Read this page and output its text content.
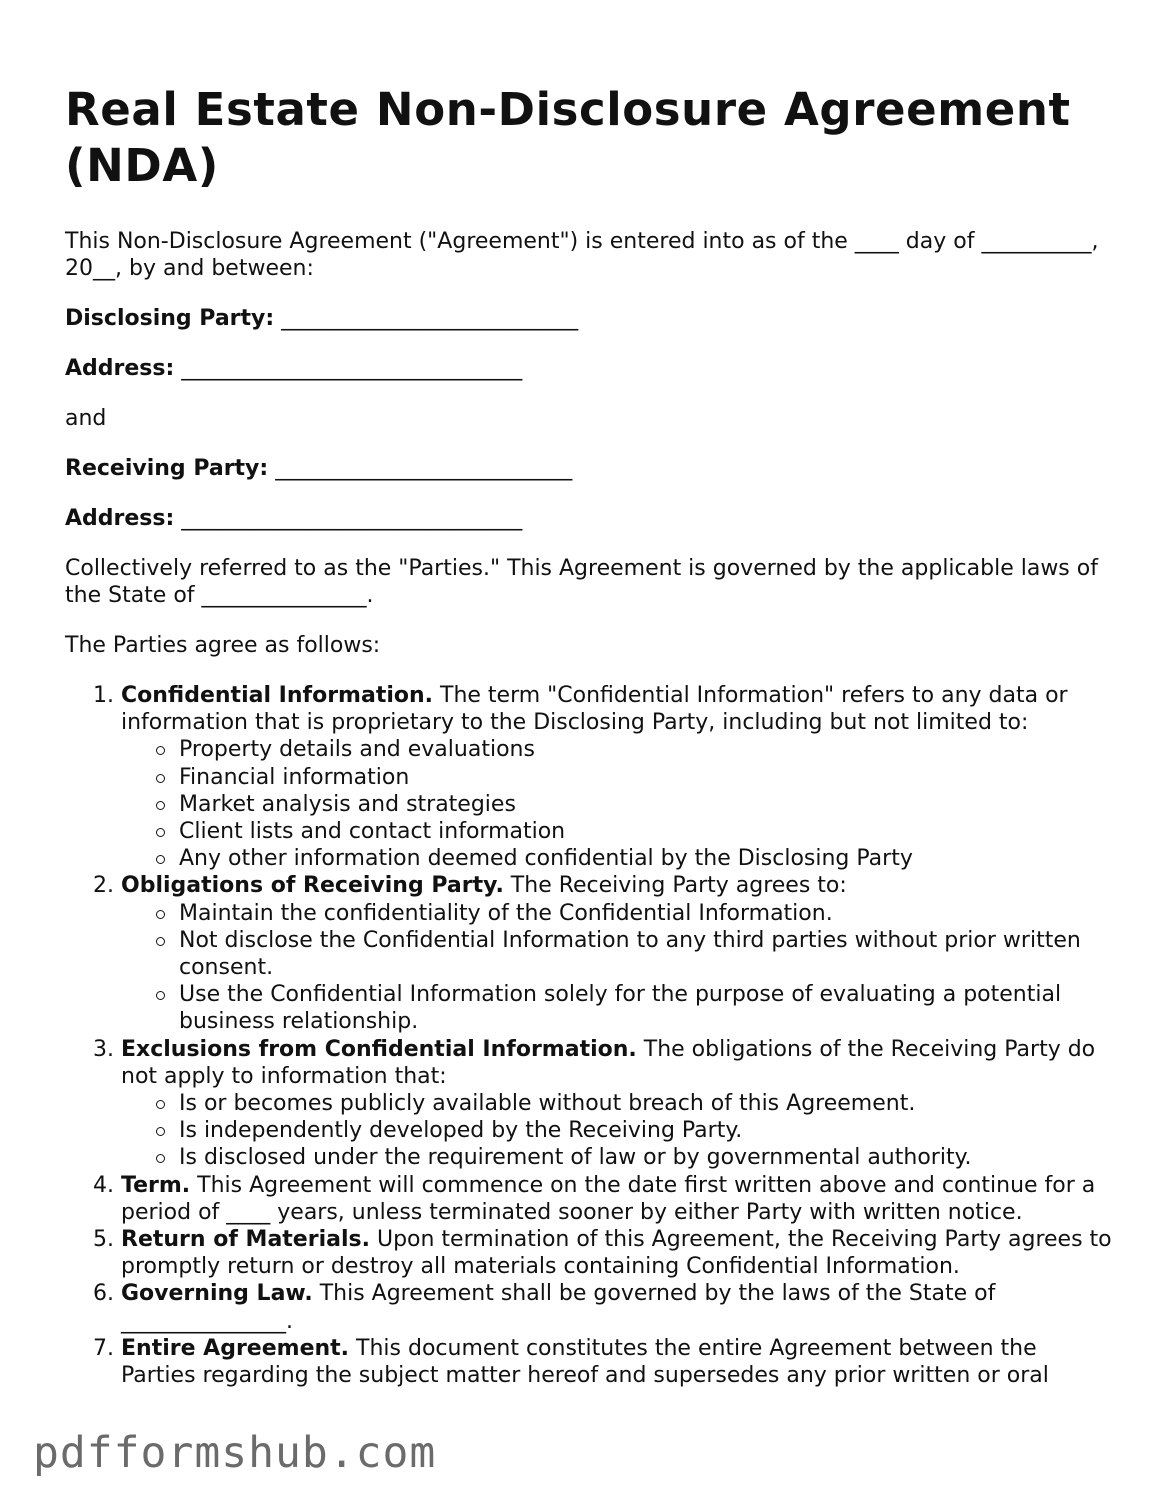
Real Estate Non-Disclosure Agreement (NDA)

This Non-Disclosure Agreement ("Agreement") is entered into as of the ____ day of __________, 20__, by and between:

Disclosing Party: ___________________________

Address: _______________________________

and

Receiving Party: ___________________________

Address: _______________________________

Collectively referred to as the "Parties." This Agreement is governed by the applicable laws of the State of _______________.

The Parties agree as follows:

1. Confidential Information. The term "Confidential Information" refers to any data or information that is proprietary to the Disclosing Party, including but not limited to:
Property details and evaluations
Financial information
Market analysis and strategies
Client lists and contact information
Any other information deemed confidential by the Disclosing Party
2. Obligations of Receiving Party. The Receiving Party agrees to:
Maintain the confidentiality of the Confidential Information.
Not disclose the Confidential Information to any third parties without prior written consent.
Use the Confidential Information solely for the purpose of evaluating a potential business relationship.
3. Exclusions from Confidential Information. The obligations of the Receiving Party do not apply to information that:
Is or becomes publicly available without breach of this Agreement.
Is independently developed by the Receiving Party.
Is disclosed under the requirement of law or by governmental authority.
4. Term. This Agreement will commence on the date first written above and continue for a period of ____ years, unless terminated sooner by either Party with written notice.
5. Return of Materials. Upon termination of this Agreement, the Receiving Party agrees to promptly return or destroy all materials containing Confidential Information.
6. Governing Law. This Agreement shall be governed by the laws of the State of _______________.
7. Entire Agreement. This document constitutes the entire Agreement between the Parties regarding the subject matter hereof and supersedes any prior written or oral
pdfformshub.com
